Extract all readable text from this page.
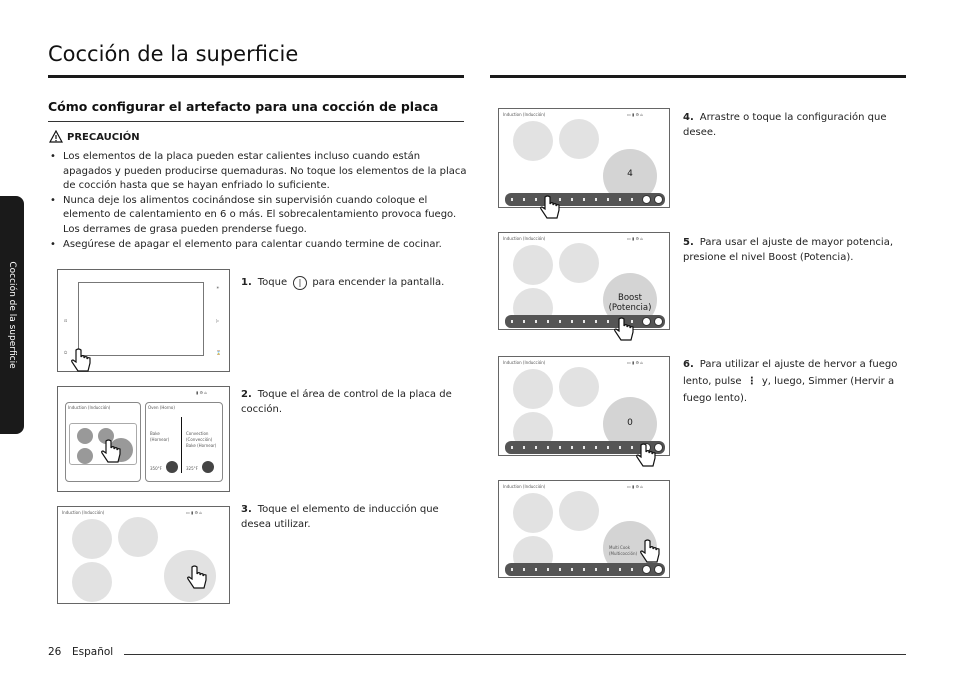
Cocción de la superficie
Cocción de la superficie
Cómo configurar el artefacto para una cocción de placa
PRECAUCIÓN
• Los elementos de la placa pueden estar calientes incluso cuando están apagados y pueden producirse quemaduras. No toque los elementos de la placa de cocción hasta que se hayan enfriado lo suficiente.
• Nunca deje los alimentos cocinándose sin supervisión cuando coloque el elemento de calentamiento en 6 o más. El sobrecalentamiento provoca fuego. Los derrames de grasa pueden prenderse fuego.
• Asegúrese de apagar el elemento para calentar cuando termine de cocinar.
⊡
⏻
☀
▷
⌛
1. Toque	|	para encender la pantalla.
▮ ⚙ ⌂
Induction (Inducción)	Oven (Horno)
Bake (Hornear)
Convection (Convección) Bake (Hornear)
350°F	325°F
2. Toque el área de control de la placa de cocción.
Induction (Inducción)	▭ ▮ ⚙ ⌂	3. Toque el elemento de inducción que desea utilizar.
Induction (Inducción)	▭ ▮ ⚙ ⌂
4
4. Arrastre o toque la configuración que desee.
Induction (Inducción)	▭ ▮ ⚙ ⌂
Boost (Potencia)
5. Para usar el ajuste de mayor potencia, presione el nivel Boost (Potencia).
Induction (Inducción)	▭ ▮ ⚙ ⌂
0
6. Para utilizar el ajuste de hervor a fuego lento, pulse ⋮ y, luego, Simmer (Hervir a fuego lento).
Induction (Inducción)	▭ ▮ ⚙ ⌂
Multi Cook
(Multicocción)
26 Español
